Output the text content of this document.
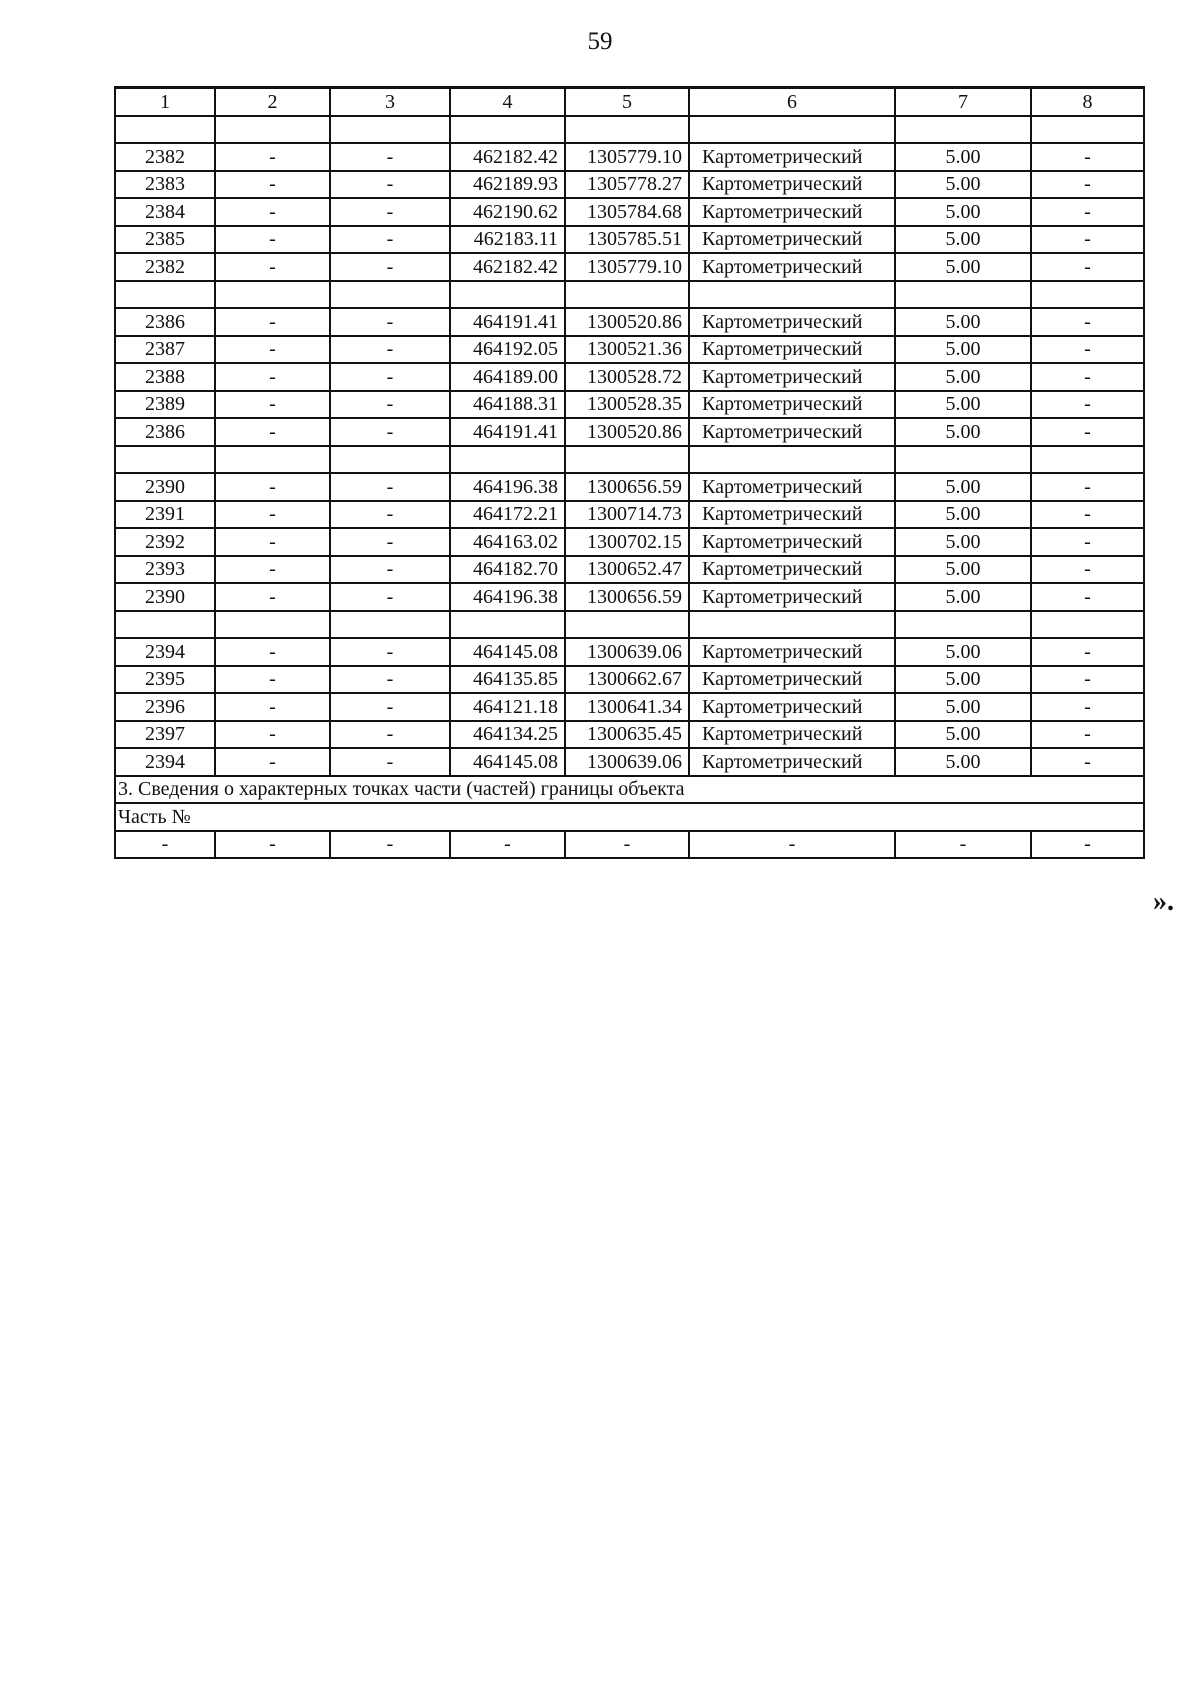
59
1	2	3	4	5	6	7	8

2382	-	-	462182.42	1305779.10	Картометрический	5.00	-
2383	-	-	462189.93	1305778.27	Картометрический	5.00	-
2384	-	-	462190.62	1305784.68	Картометрический	5.00	-
2385	-	-	462183.11	1305785.51	Картометрический	5.00	-
2382	-	-	462182.42	1305779.10	Картометрический	5.00	-

2386	-	-	464191.41	1300520.86	Картометрический	5.00	-
2387	-	-	464192.05	1300521.36	Картометрический	5.00	-
2388	-	-	464189.00	1300528.72	Картометрический	5.00	-
2389	-	-	464188.31	1300528.35	Картометрический	5.00	-
2386	-	-	464191.41	1300520.86	Картометрический	5.00	-

2390	-	-	464196.38	1300656.59	Картометрический	5.00	-
2391	-	-	464172.21	1300714.73	Картометрический	5.00	-
2392	-	-	464163.02	1300702.15	Картометрический	5.00	-
2393	-	-	464182.70	1300652.47	Картометрический	5.00	-
2390	-	-	464196.38	1300656.59	Картометрический	5.00	-

2394	-	-	464145.08	1300639.06	Картометрический	5.00	-
2395	-	-	464135.85	1300662.67	Картометрический	5.00	-
2396	-	-	464121.18	1300641.34	Картометрический	5.00	-
2397	-	-	464134.25	1300635.45	Картометрический	5.00	-
2394	-	-	464145.08	1300639.06	Картометрический	5.00	-
3. Сведения о характерных точках части (частей) границы объекта							
Часть №							
-	-	-	-	-	-	-	-
».
